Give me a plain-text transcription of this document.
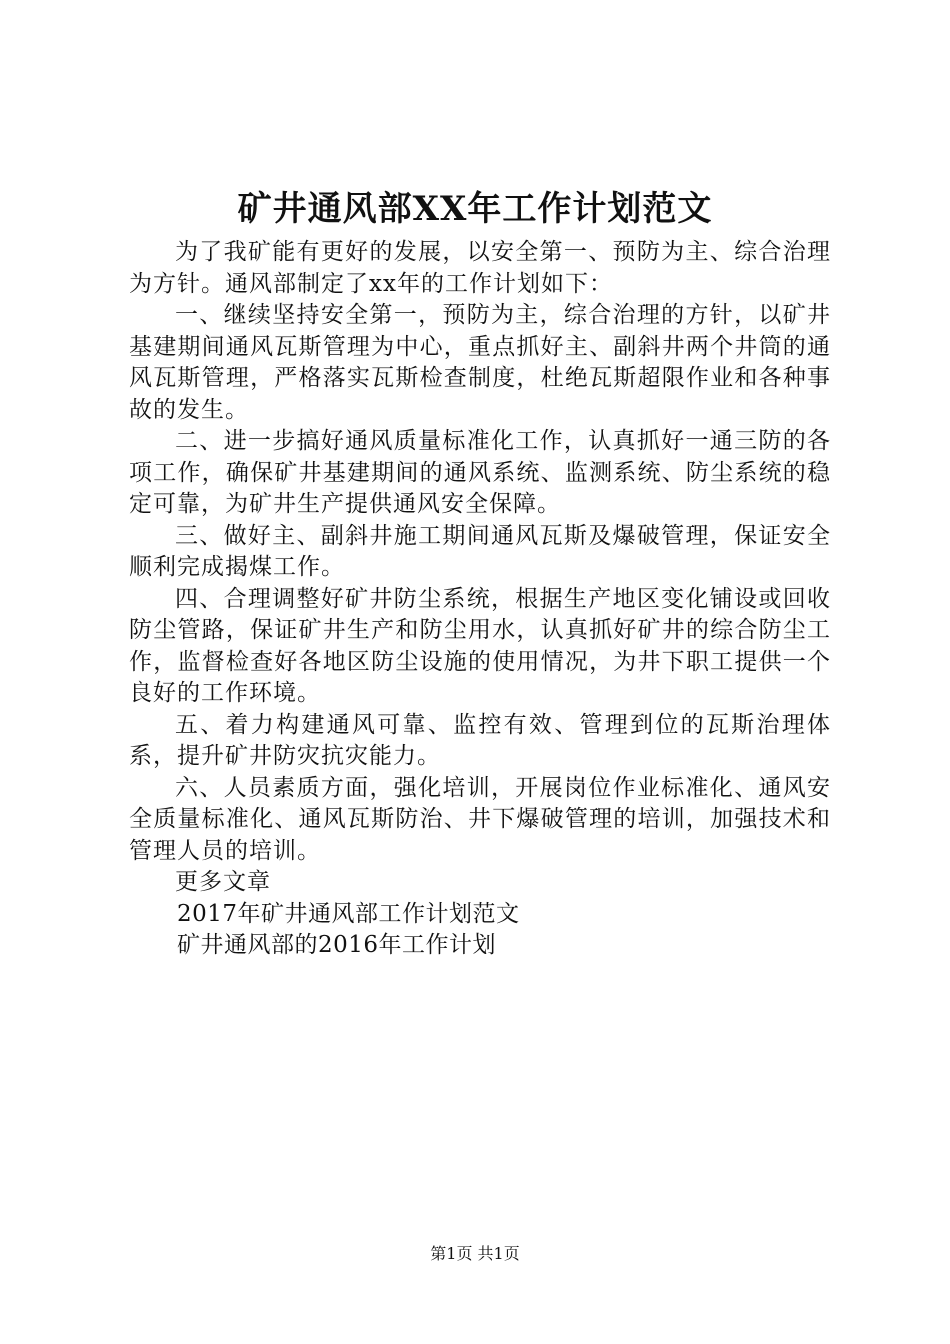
矿井通风部XX年工作计划范文

为了我矿能有更好的发展，以安全第一、预防为主、综合治理为方针。通风部制定了xx年的工作计划如下：

一、继续坚持安全第一，预防为主，综合治理的方针，以矿井基建期间通风瓦斯管理为中心，重点抓好主、副斜井两个井筒的通风瓦斯管理，严格落实瓦斯检查制度，杜绝瓦斯超限作业和各种事故的发生。

二、进一步搞好通风质量标准化工作，认真抓好一通三防的各项工作，确保矿井基建期间的通风系统、监测系统、防尘系统的稳定可靠，为矿井生产提供通风安全保障。

三、做好主、副斜井施工期间通风瓦斯及爆破管理，保证安全顺利完成揭煤工作。

四、合理调整好矿井防尘系统，根据生产地区变化铺设或回收防尘管路，保证矿井生产和防尘用水，认真抓好矿井的综合防尘工作，监督检查好各地区防尘设施的使用情况，为井下职工提供一个良好的工作环境。

五、着力构建通风可靠、监控有效、管理到位的瓦斯治理体系，提升矿井防灾抗灾能力。

六、人员素质方面，强化培训，开展岗位作业标准化、通风安全质量标准化、通风瓦斯防治、井下爆破管理的培训，加强技术和管理人员的培训。

更多文章

2017年矿井通风部工作计划范文

矿井通风部的2016年工作计划

第1页 共1页
